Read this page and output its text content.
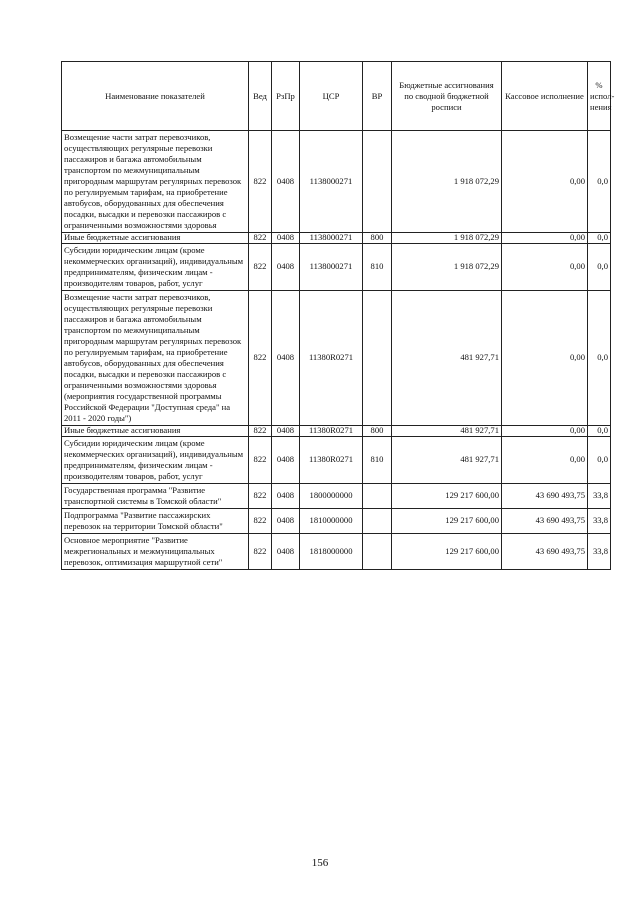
Наименование показателей	Вед	РзПр	ЦСР	ВР	Бюджетные ассигнования по сводной бюджетной росписи	Кассовое исполнение	% испол-нения
Возмещение части затрат перевозчиков, осуществляющих регулярные перевозки пассажиров и багажа автомобильным транспортом по межмуниципальным пригородным маршрутам регулярных перевозок по регулируемым тарифам, на приобретение автобусов, оборудованных для обеспечения посадки, высадки и перевозки пассажиров с ограниченными возможностями здоровья	822	0408	1138000271		1 918 072,29	0,00	0,0
Иные бюджетные ассигнования	822	0408	1138000271	800	1 918 072,29	0,00	0,0
Субсидии юридическим лицам (кроме некоммерческих организаций), индивидуальным предпринимателям, физическим лицам - производителям товаров, работ, услуг	822	0408	1138000271	810	1 918 072,29	0,00	0,0
Возмещение части затрат перевозчиков, осуществляющих регулярные перевозки пассажиров и багажа автомобильным транспортом по межмуниципальным пригородным маршрутам регулярных перевозок по регулируемым тарифам, на приобретение автобусов, оборудованных для обеспечения посадки, высадки и перевозки пассажиров с ограниченными возможностями здоровья (мероприятия государственной программы Российской Федерации "Доступная среда" на 2011 - 2020 годы")	822	0408	11380R0271		481 927,71	0,00	0,0
Иные бюджетные ассигнования	822	0408	11380R0271	800	481 927,71	0,00	0,0
Субсидии юридическим лицам (кроме некоммерческих организаций), индивидуальным предпринимателям, физическим лицам - производителям товаров, работ, услуг	822	0408	11380R0271	810	481 927,71	0,00	0,0
Государственная программа "Развитие транспортной системы в Томской области"	822	0408	1800000000		129 217 600,00	43 690 493,75	33,8
Подпрограмма "Развитие пассажирских перевозок на территории Томской области"	822	0408	1810000000		129 217 600,00	43 690 493,75	33,8
Основное мероприятие "Развитие межрегиональных и межмуниципальных перевозок, оптимизация маршрутной сети"	822	0408	1818000000		129 217 600,00	43 690 493,75	33,8
156
